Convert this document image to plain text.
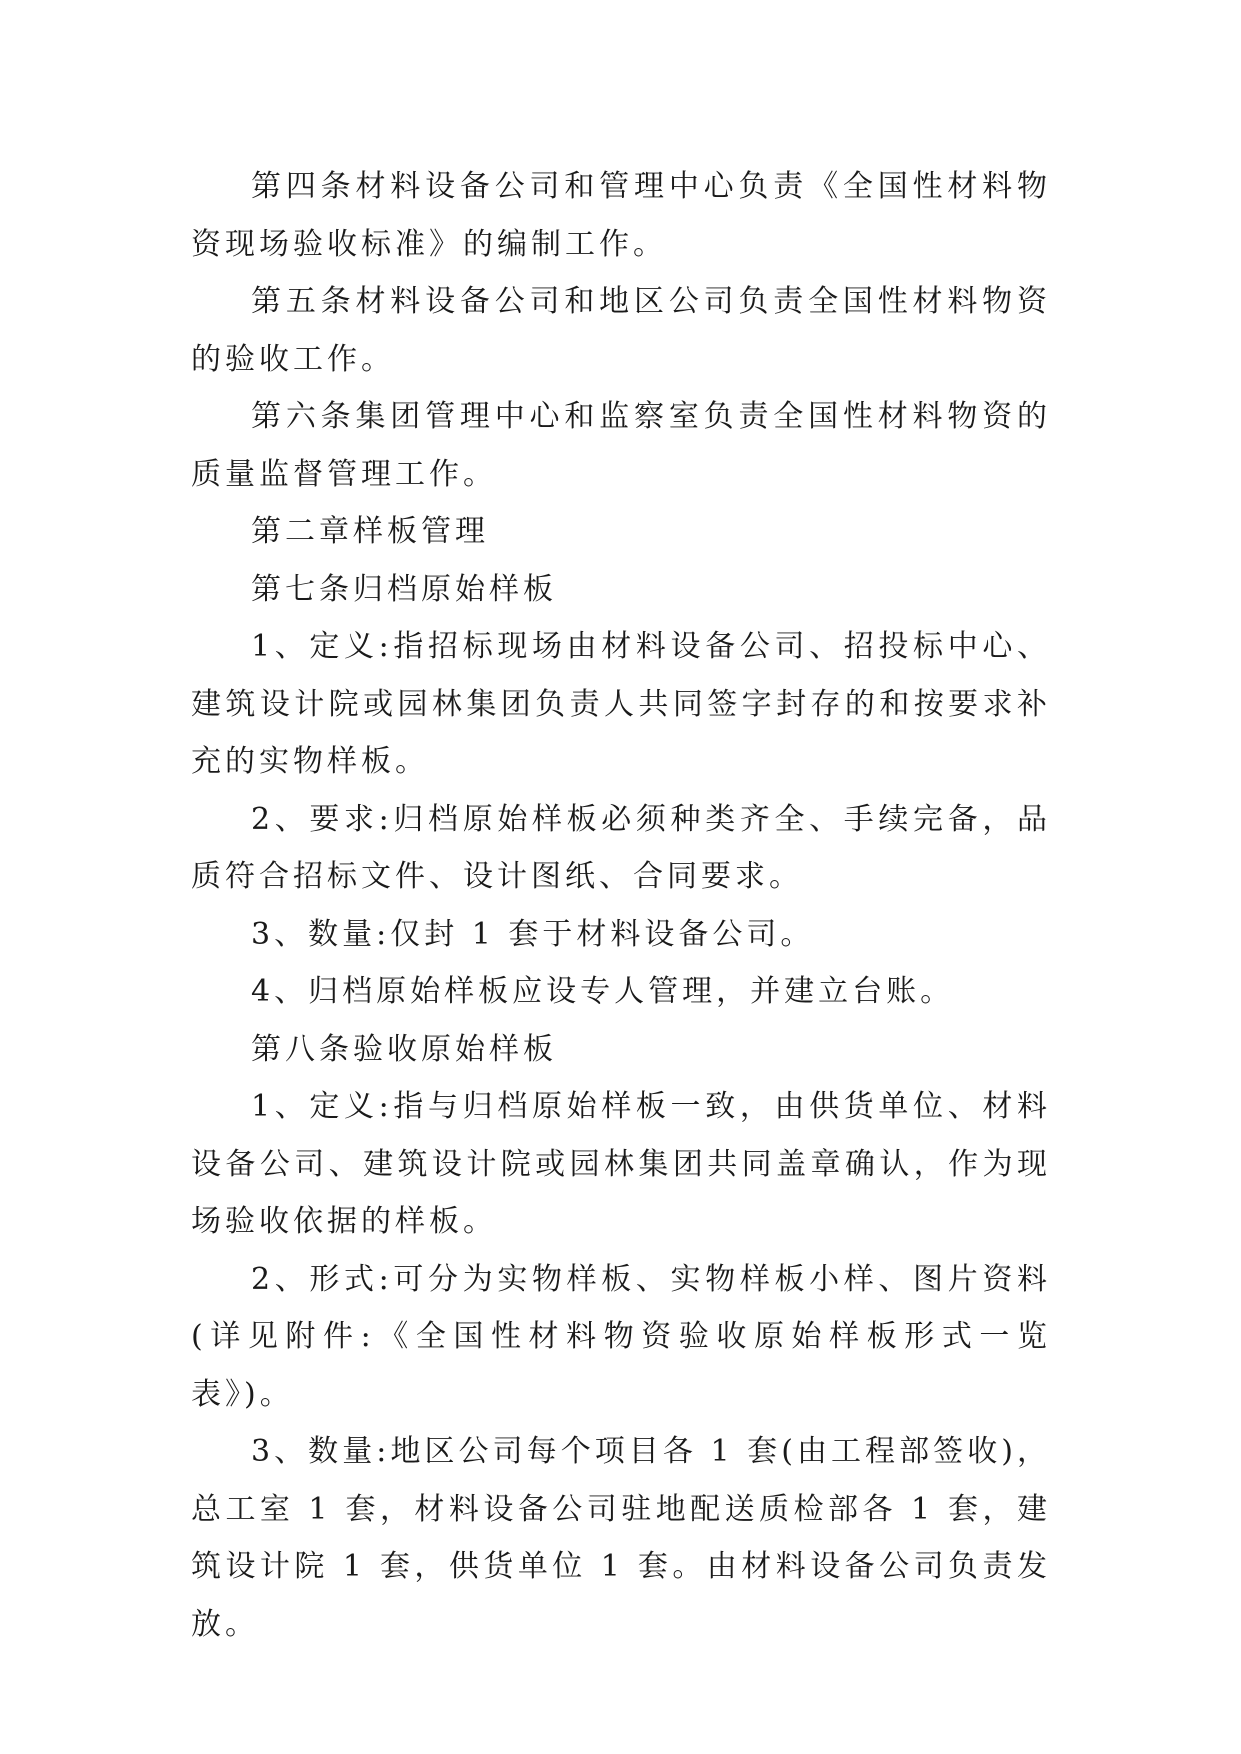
第四条材料设备公司和管理中心负责《全国性材料物资现场验收标准》的编制工作。

第五条材料设备公司和地区公司负责全国性材料物资的验收工作。

第六条集团管理中心和监察室负责全国性材料物资的质量监督管理工作。

第二章样板管理

第七条归档原始样板

1、定义:指招标现场由材料设备公司、招投标中心、建筑设计院或园林集团负责人共同签字封存的和按要求补充的实物样板。

2、要求:归档原始样板必须种类齐全、手续完备，品质符合招标文件、设计图纸、合同要求。

3、数量:仅封 1 套于材料设备公司。

4、归档原始样板应设专人管理，并建立台账。

第八条验收原始样板

1、定义:指与归档原始样板一致，由供货单位、材料设备公司、建筑设计院或园林集团共同盖章确认，作为现场验收依据的样板。

2、形式:可分为实物样板、实物样板小样、图片资料(详见附件:《全国性材料物资验收原始样板形式一览表》)。

3、数量:地区公司每个项目各 1 套(由工程部签收)，总工室 1 套，材料设备公司驻地配送质检部各 1 套，建筑设计院 1 套，供货单位 1 套。由材料设备公司负责发放。
